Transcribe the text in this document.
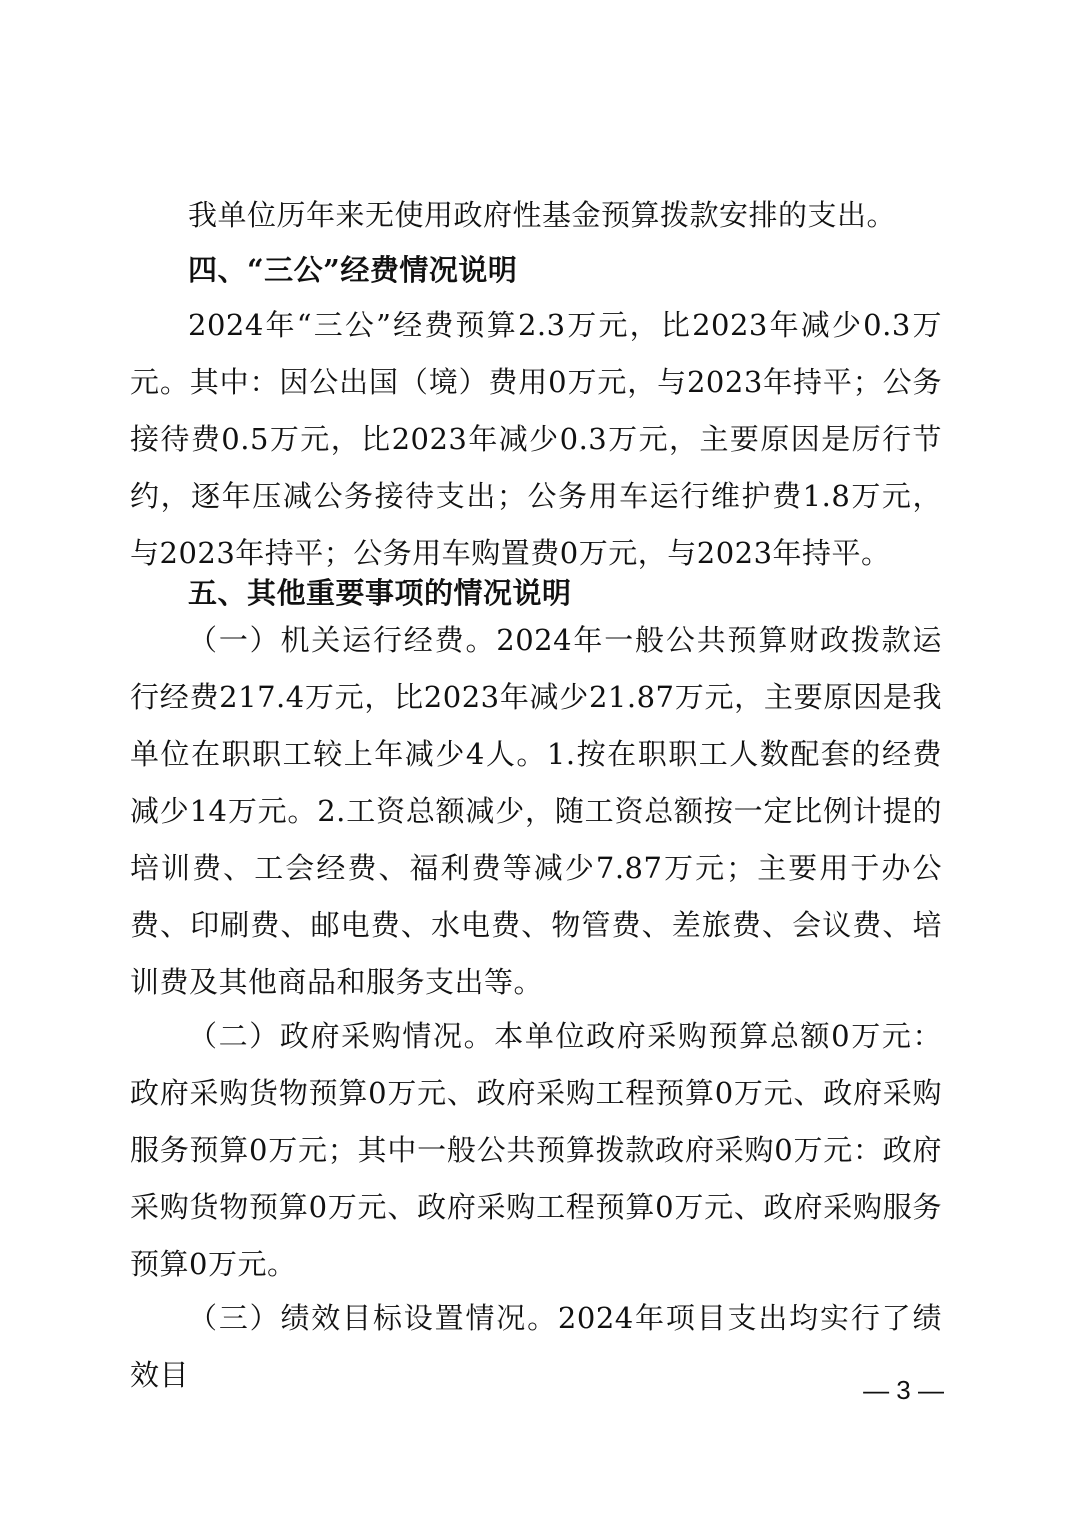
我单位历年来无使用政府性基金预算拨款安排的支出。
四、“三公”经费情况说明
2024年“三公”经费预算2.3万元，比2023年减少0.3万元。其中：因公出国（境）费用0万元，与2023年持平；公务接待费0.5万元，比2023年减少0.3万元，主要原因是厉行节约，逐年压减公务接待支出；公务用车运行维护费1.8万元，与2023年持平；公务用车购置费0万元，与2023年持平。
五、其他重要事项的情况说明
（一）机关运行经费。2024年一般公共预算财政拨款运行经费217.4万元，比2023年减少21.87万元，主要原因是我单位在职职工较上年减少4人。1.按在职职工人数配套的经费减少14万元。2.工资总额减少，随工资总额按一定比例计提的培训费、工会经费、福利费等减少7.87万元；主要用于办公费、印刷费、邮电费、水电费、物管费、差旅费、会议费、培训费及其他商品和服务支出等。
（二）政府采购情况。本单位政府采购预算总额0万元：政府采购货物预算0万元、政府采购工程预算0万元、政府采购服务预算0万元；其中一般公共预算拨款政府采购0万元：政府采购货物预算0万元、政府采购工程预算0万元、政府采购服务预算0万元。
（三）绩效目标设置情况。2024年项目支出均实行了绩效目	— 3 —
